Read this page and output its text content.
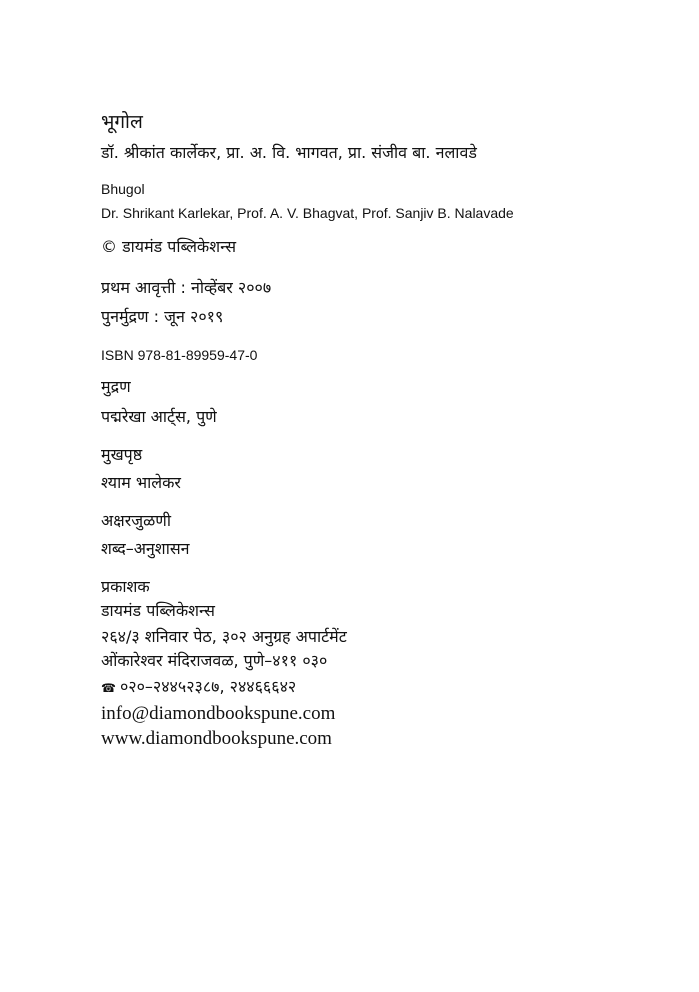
भूगोल
डॉ. श्रीकांत कार्लेकर, प्रा. अ. वि. भागवत, प्रा. संजीव बा. नलावडे
Bhugol
Dr. Shrikant Karlekar, Prof. A. V. Bhagvat, Prof. Sanjiv B. Nalavade
© डायमंड पब्लिकेशन्स
प्रथम आवृत्ती : नोव्हेंबर २००७
पुनर्मुद्रण : जून २०१९
ISBN 978-81-89959-47-0
मुद्रण
पद्मरेखा आर्ट्स, पुणे
मुखपृष्ठ
श्याम भालेकर
अक्षरजुळणी
शब्द–अनुशासन
प्रकाशक
डायमंड पब्लिकेशन्स
२६४/३ शनिवार पेठ, ३०२ अनुग्रह अपार्टमेंट
ओंकारेश्वर मंदिराजवळ, पुणे–४११ ०३०
☎ ०२०–२४४५२३८७, २४४६६६४२
info@diamondbookspune.com
www.diamondbookspune.com
